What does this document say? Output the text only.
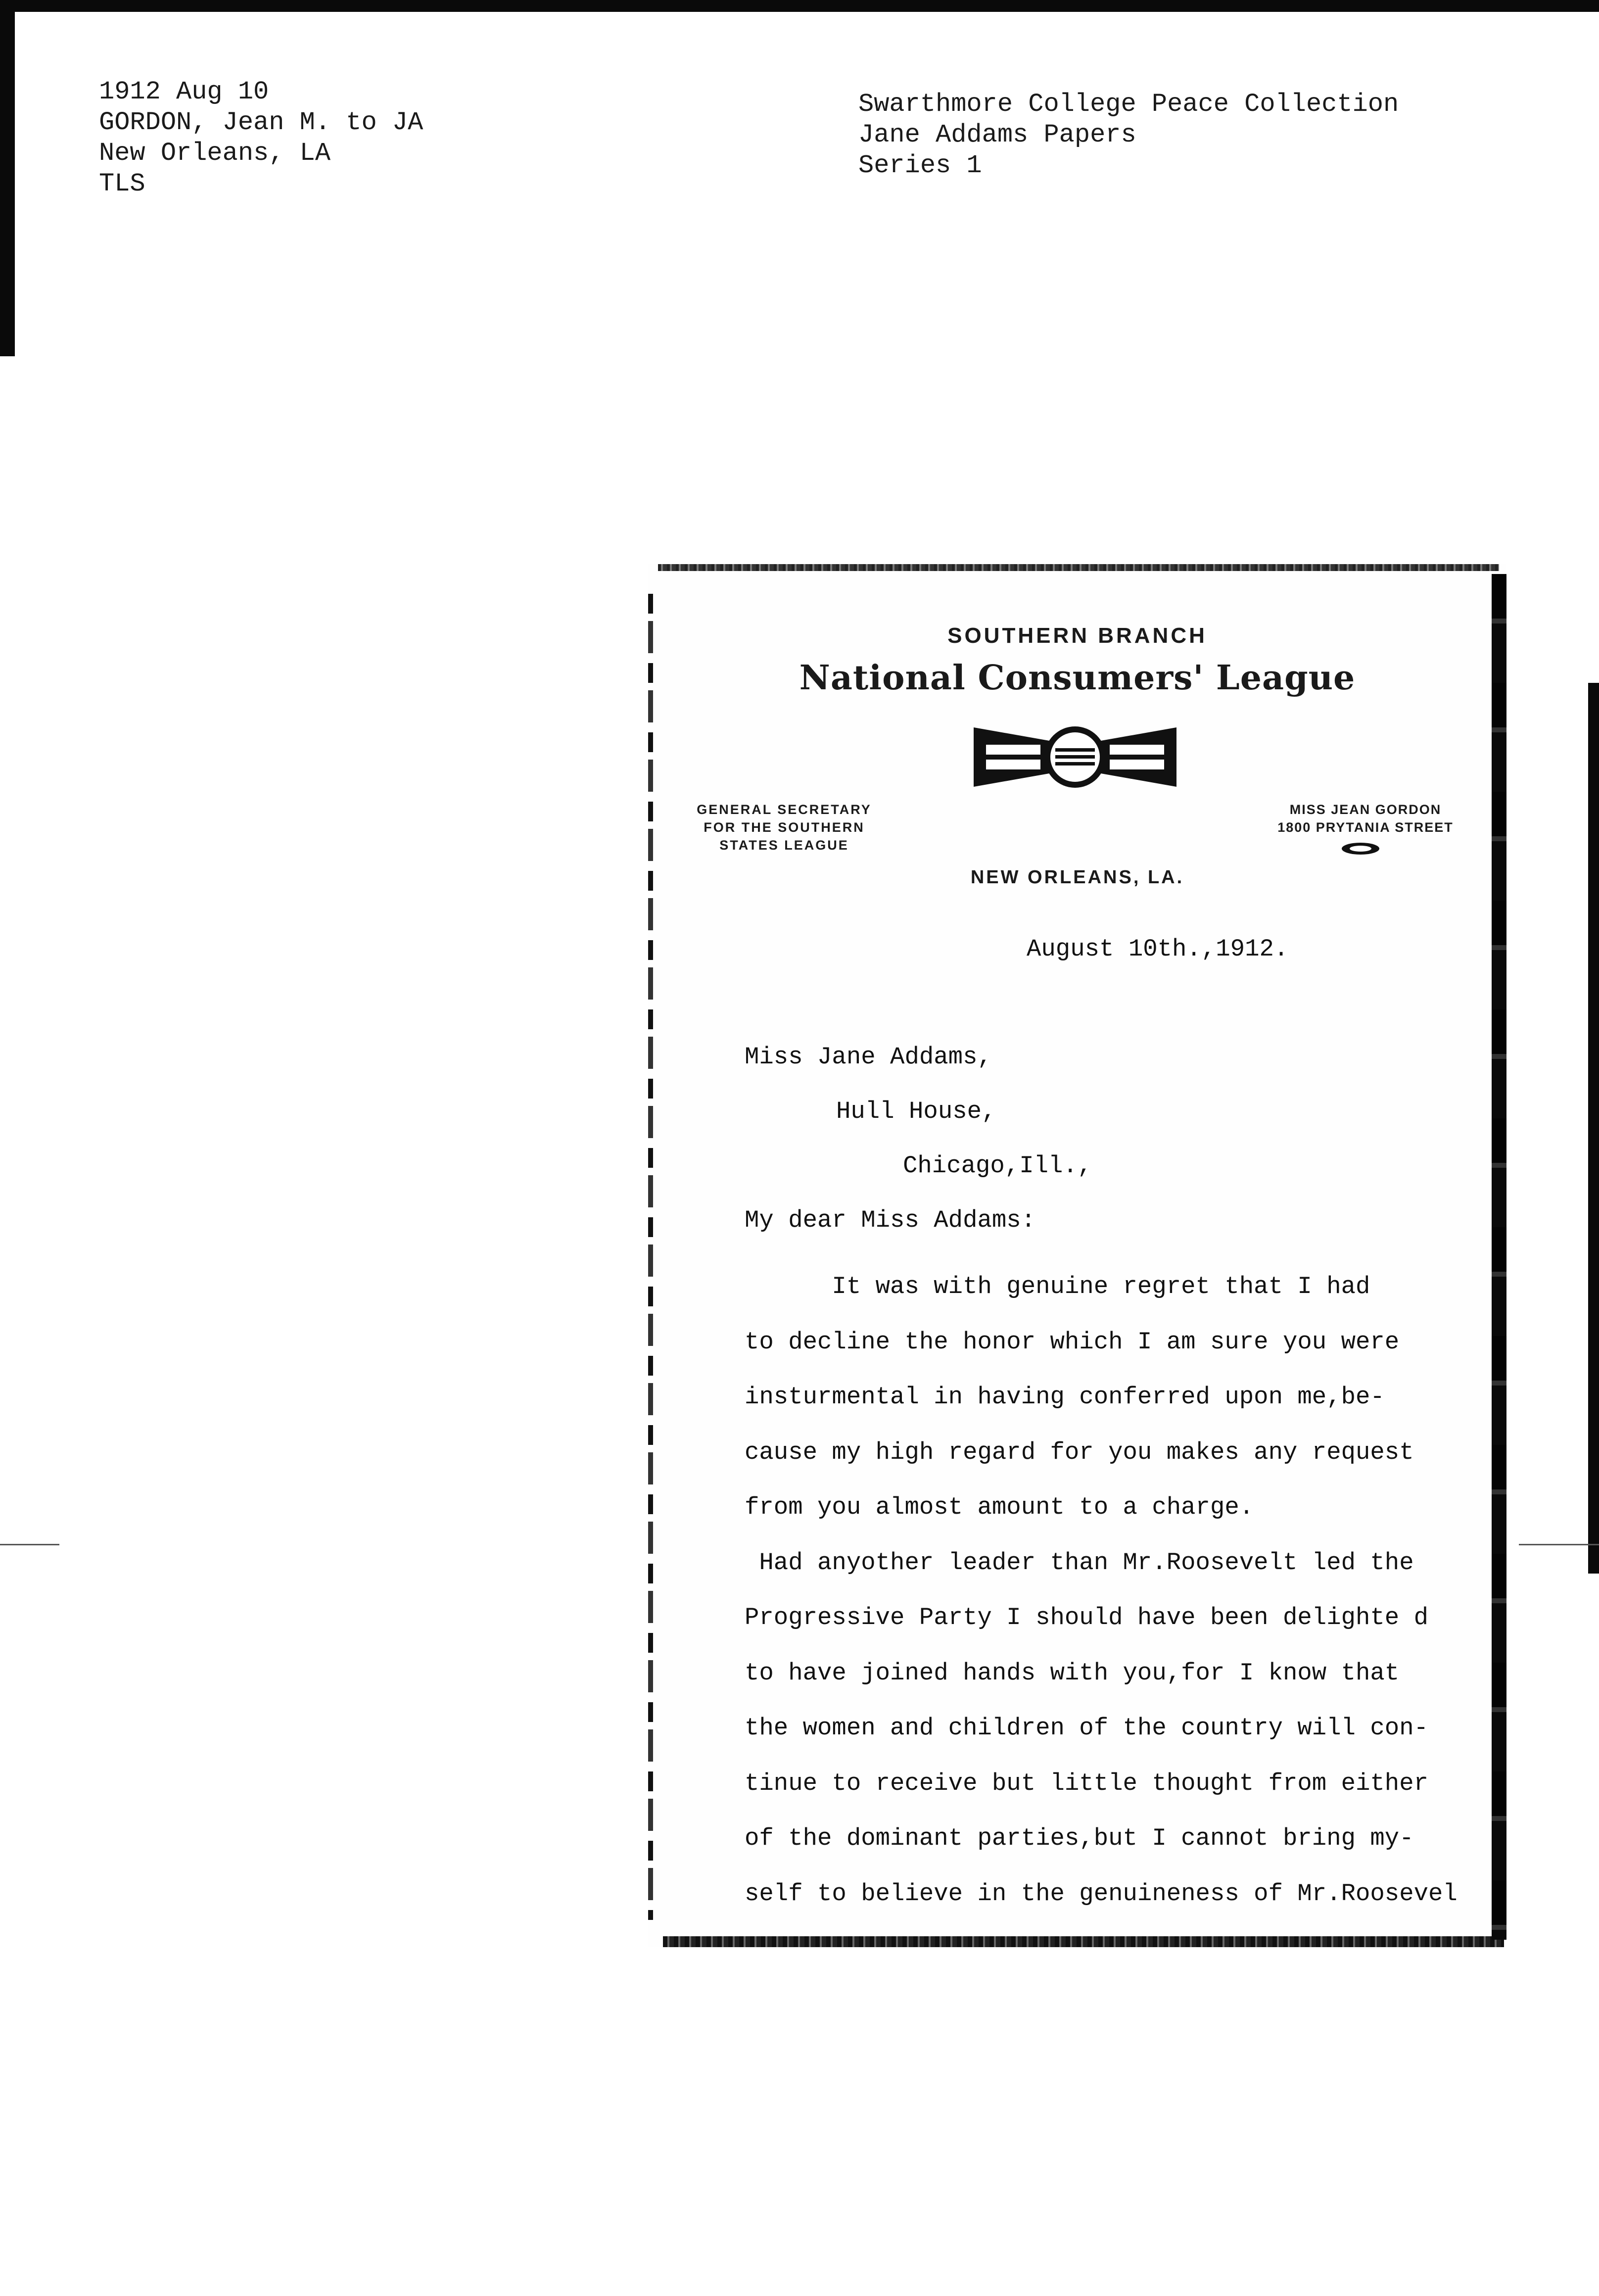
1912 Aug 10
GORDON, Jean M. to JA
New Orleans, LA
TLS
Swarthmore College Peace Collection
Jane Addams Papers
Series 1
SOUTHERN BRANCH
National Consumers' League
GENERAL SECRETARY
FOR THE SOUTHERN
STATES LEAGUE
MISS JEAN GORDON
1800 PRYTANIA STREET
NEW ORLEANS, LA.
August 10th.,1912.
Miss Jane Addams,
Hull House,
Chicago,Ill.,
My dear Miss Addams:
It was with genuine regret that I had
to decline the honor which I am sure you were
insturmental in having conferred upon me,be-
cause my high regard for you makes any request
from you almost amount to a charge.
Had anyother leader than Mr.Roosevelt led the
Progressive Party I should have been delighte d
to have joined hands with you,for I know that
the women and children of the country will con-
tinue to receive but little thought from either
of the dominant parties,but I cannot bring my-
self to believe in the genuineness of Mr.Roosevel
